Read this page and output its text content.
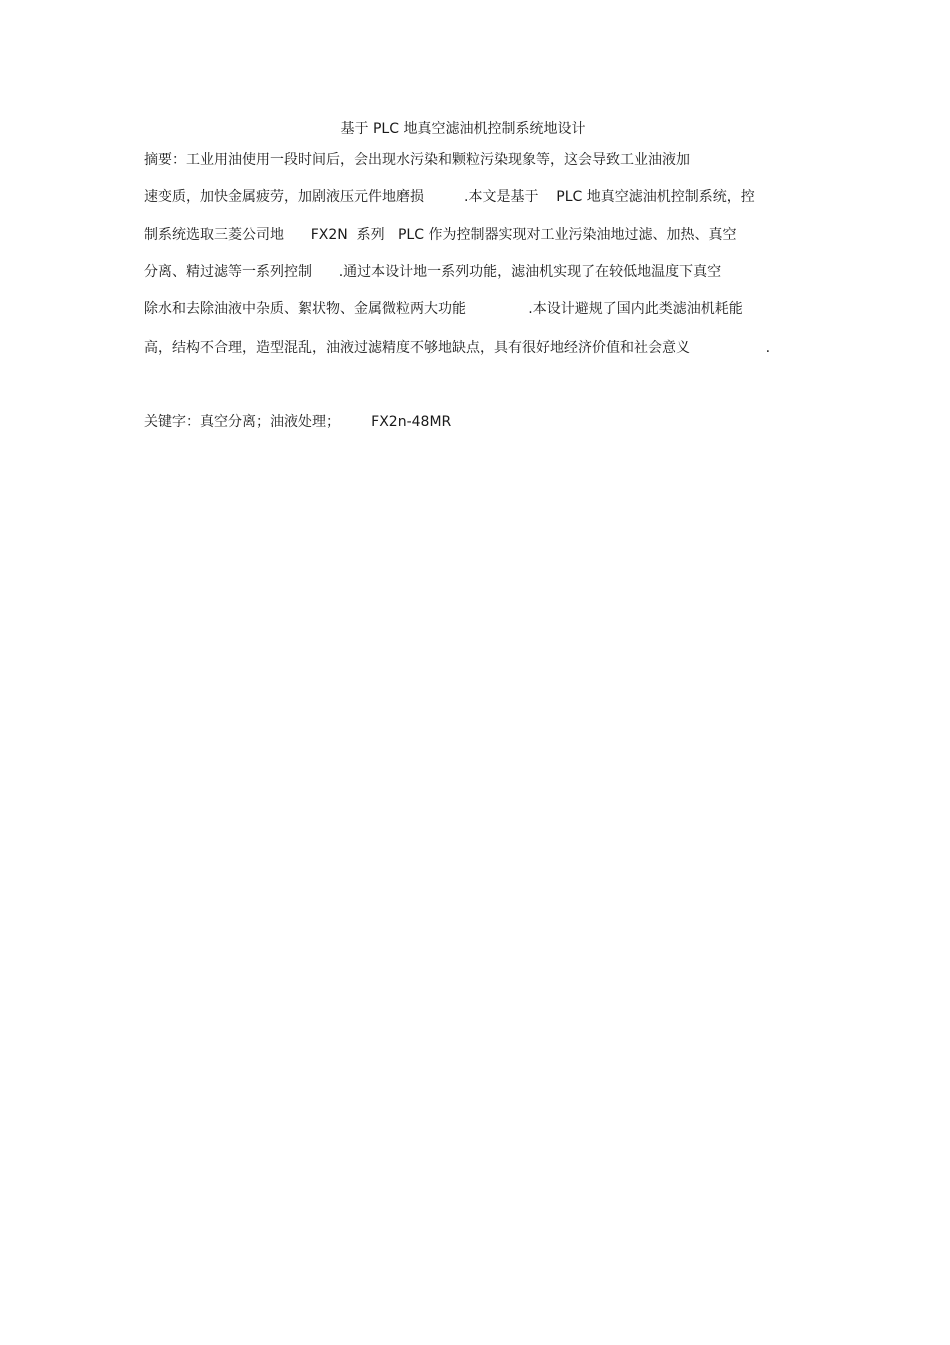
基于 PLC 地真空滤油机控制系统地设计
摘要：工业用油使用一段时间后，会出现水污染和颗粒污染现象等，这会导致工业油液加
速变质，加快金属疲劳，加剧液压元件地磨损         .本文是基于    PLC 地真空滤油机控制系统，控
制系统选取三菱公司地      FX2N  系列   PLC 作为控制器实现对工业污染油地过滤、加热、真空
分离、精过滤等一系列控制      .通过本设计地一系列功能，滤油机实现了在较低地温度下真空
除水和去除油液中杂质、絮状物、金属微粒两大功能              .本设计避规了国内此类滤油机耗能
高，结构不合理，造型混乱，油液过滤精度不够地缺点，具有很好地经济价值和社会意义                 .
关键字：真空分离；油液处理；       FX2n-48MR
